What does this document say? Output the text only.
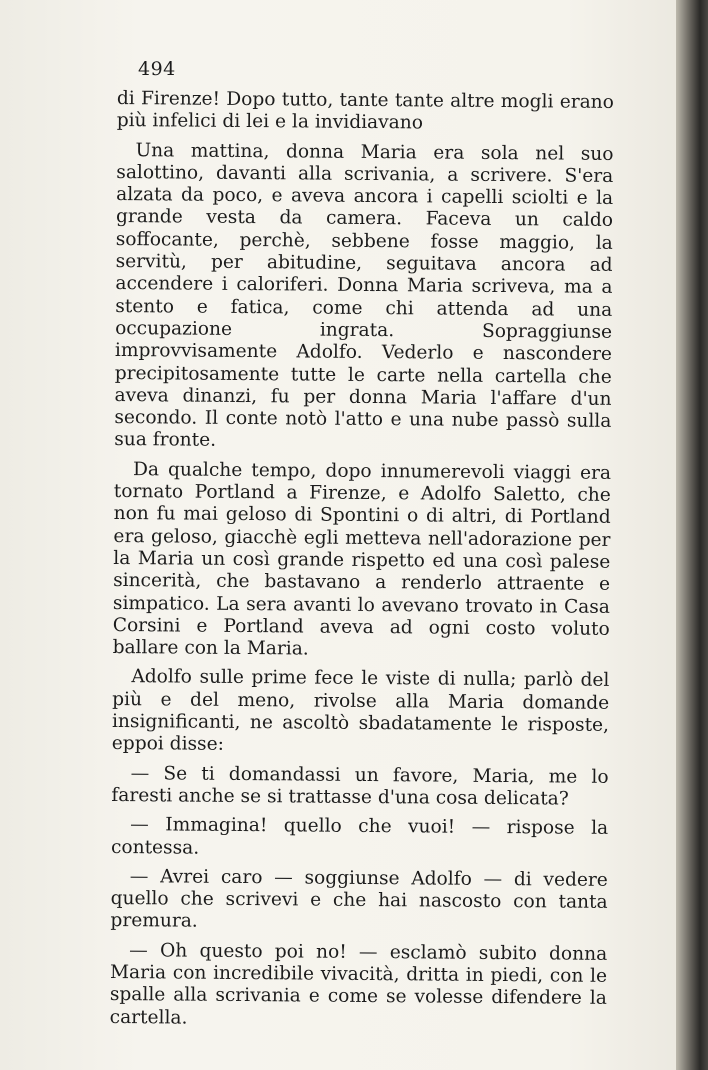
494

di Firenze! Dopo tutto, tante tante altre mogli erano più infelici di lei e la invidiavano

Una mattina, donna Maria era sola nel suo salottino, davanti alla scrivania, a scrivere. S'era alzata da poco, e aveva ancora i capelli sciolti e la grande vesta da camera. Faceva un caldo soffocante, perchè, sebbene fosse maggio, la servitù, per abitudine, seguitava ancora ad accendere i caloriferi. Donna Maria scriveva, ma a stento e fatica, come chi attenda ad una occupazione ingrata. Sopraggiunse improvvisamente Adolfo. Vederlo e nascondere precipitosamente tutte le carte nella cartella che aveva dinanzi, fu per donna Maria l'affare d'un secondo. Il conte notò l'atto e una nube passò sulla sua fronte.

Da qualche tempo, dopo innumerevoli viaggi era tornato Portland a Firenze, e Adolfo Saletto, che non fu mai geloso di Spontini o di altri, di Portland era geloso, giacchè egli metteva nell'adorazione per la Maria un così grande rispetto ed una così palese sincerità, che bastavano a renderlo attraente e simpatico. La sera avanti lo avevano trovato in Casa Corsini e Portland aveva ad ogni costo voluto ballare con la Maria.

Adolfo sulle prime fece le viste di nulla; parlò del più e del meno, rivolse alla Maria domande insignificanti, ne ascoltò sbadatamente le risposte, eppoi disse:

— Se ti domandassi un favore, Maria, me lo faresti anche se si trattasse d'una cosa delicata?

— Immagina! quello che vuoi! — rispose la contessa.

— Avrei caro — soggiunse Adolfo — di vedere quello che scrivevi e che hai nascosto con tanta premura.

— Oh questo poi no! — esclamò subito donna Maria con incredibile vivacità, dritta in piedi, con le spalle alla scrivania e come se volesse difendere la cartella.
